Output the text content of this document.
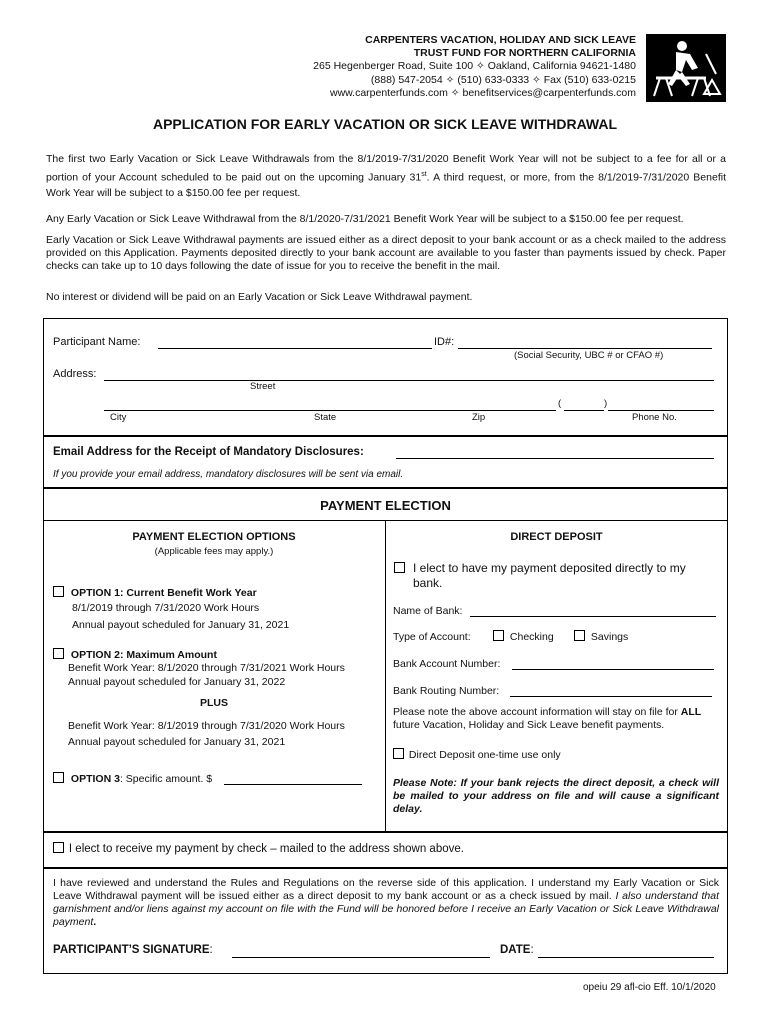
CARPENTERS VACATION, HOLIDAY AND SICK LEAVE
TRUST FUND FOR NORTHERN CALIFORNIA
265 Hegenberger Road, Suite 100 ✧ Oakland, California 94621-1480
(888) 547-2054 ✧ (510) 633-0333 ✧ Fax (510) 633-0215
www.carpenterfunds.com ✧ benefitservices@carpenterfunds.com
APPLICATION FOR EARLY VACATION OR SICK LEAVE WITHDRAWAL
The first two Early Vacation or Sick Leave Withdrawals from the 8/1/2019-7/31/2020 Benefit Work Year will not be subject to a fee for all or a portion of your Account scheduled to be paid out on the upcoming January 31st. A third request, or more, from the 8/1/2019-7/31/2020 Benefit Work Year will be subject to a $150.00 fee per request.
Any Early Vacation or Sick Leave Withdrawal from the 8/1/2020-7/31/2021 Benefit Work Year will be subject to a $150.00 fee per request.
Early Vacation or Sick Leave Withdrawal payments are issued either as a direct deposit to your bank account or as a check mailed to the address provided on this Application. Payments deposited directly to your bank account are available to you faster than payments issued by check. Paper checks can take up to 10 days following the date of issue for you to receive the benefit in the mail.
No interest or dividend will be paid on an Early Vacation or Sick Leave Withdrawal payment.
Participant Name:	ID#:
(Social Security, UBC # or CFAO #)
Address:
Street
(	)
City	State	Zip	Phone No.
Email Address for the Receipt of Mandatory Disclosures:
If you provide your email address, mandatory disclosures will be sent via email.
PAYMENT ELECTION
PAYMENT ELECTION OPTIONS
(Applicable fees may apply.)
OPTION 1: Current Benefit Work Year
8/1/2019 through 7/31/2020 Work Hours
Annual payout scheduled for January 31, 2021
OPTION 2: Maximum Amount
Benefit Work Year: 8/1/2020 through 7/31/2021 Work Hours
Annual payout scheduled for January 31, 2022
PLUS
Benefit Work Year: 8/1/2019 through 7/31/2020 Work Hours
Annual payout scheduled for January 31, 2021
OPTION 3: Specific amount. $
DIRECT DEPOSIT
I elect to have my payment deposited directly to my bank.
Name of Bank:
Type of Account:	Checking	Savings
Bank Account Number:
Bank Routing Number:
Please note the above account information will stay on file for ALL future Vacation, Holiday and Sick Leave benefit payments.
Direct Deposit one-time use only
Please Note: If your bank rejects the direct deposit, a check will be mailed to your address on file and will cause a significant delay.
I elect to receive my payment by check – mailed to the address shown above.
I have reviewed and understand the Rules and Regulations on the reverse side of this application. I understand my Early Vacation or Sick Leave Withdrawal payment will be issued either as a direct deposit to my bank account or as a check issued by mail. I also understand that garnishment and/or liens against my account on file with the Fund will be honored before I receive an Early Vacation or Sick Leave Withdrawal payment.
PARTICIPANT’S SIGNATURE:	DATE:
opeiu 29 afl-cio Eff. 10/1/2020
